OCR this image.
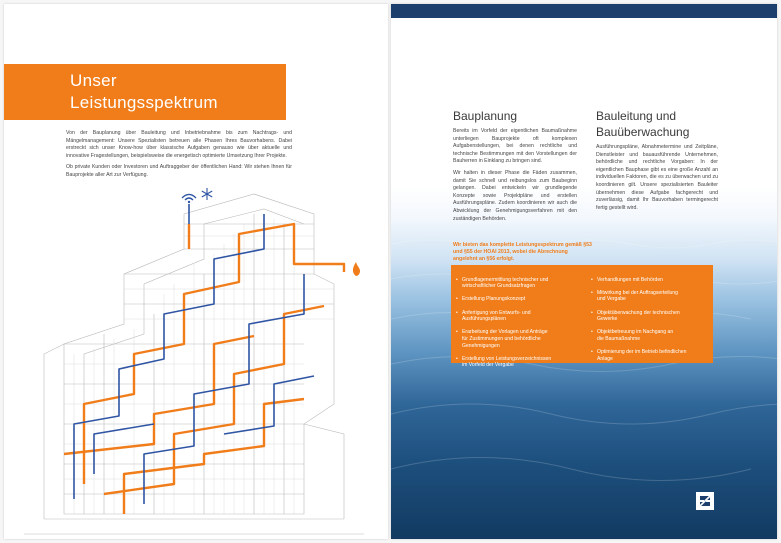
Unser
Leistungsspektrum

Von der Bauplanung über Bauleitung und Inbetriebnahme bis zum Nachtrags- und Mängelmanagement: Unsere Spezialisten betreuen alle Phasen Ihres Bauvorhabens. Dabei erstreckt sich unser Know-how über klassische Aufgaben genauso wie über aktuelle und innovative Fragestellungen, beispielsweise die energetisch optimierte Umsetzung Ihrer Projekte.

Ob private Kunden oder Investoren und Auftraggeber der öffentlichen Hand: Wir stehen Ihnen für Bauprojekte aller Art zur Verfügung.

Bauplanung

Bereits im Vorfeld der eigentlichen Baumaßnahme unterliegen Bauprojekte oft komplexen Aufgabenstellungen, bei denen rechtliche und technische Bestimmungen mit den Vorstellungen der Bauherren in Einklang zu bringen sind.

Wir halten in dieser Phase die Fäden zusammen, damit Sie schnell und reibungslos zum Baubeginn gelangen. Dabei entwickeln wir grundlegende Konzepte sowie Projektpläne und erstellen Ausführungspläne. Zudem koordinieren wir auch die Abwicklung der Genehmigungsverfahren mit den zuständigen Behörden.

Bauleitung und
Bauüberwachung

Ausführungspläne, Abnahmetermine und Zeitpläne, Dienstleister und bauausführende Unternehmen, behördliche und rechtliche Vorgaben: In der eigentlichen Bauphase gibt es eine große Anzahl an individuellen Faktoren, die es zu überwachen und zu koordinieren gilt. Unsere spezialisierten Bauleiter übernehmen diese Aufgabe fachgerecht und zuverlässig, damit Ihr Bauvorhaben termingerecht fertig gestellt wird.

Wir bieten das komplette Leistungsspektrum gemäß §53 und §55 der HOAI 2013, wobei die Abrechnung angelehnt an §56 erfolgt.

• Grundlagenermittlung technischer und
wirtschaftlicher Grundsatzfragen

• Erstellung Planungskonzept

• Anfertigung von Entwurfs- und
Ausführungsplänen

• Erarbeitung der Vorlagen und Anträge
für Zustimmungen und behördliche
Genehmigungen

• Erstellung von Leistungsverzeichnissen
im Vorfeld der Vergabe

• Verhandlungen mit Behörden

• Mitwirkung bei der Auftragserteilung
und Vergabe

• Objektüberwachung der technischen
Gewerke

• Objektbetreuung im Nachgang an
die Baumaßnahme

• Optimierung der im Betrieb befindlichen
Anlage
